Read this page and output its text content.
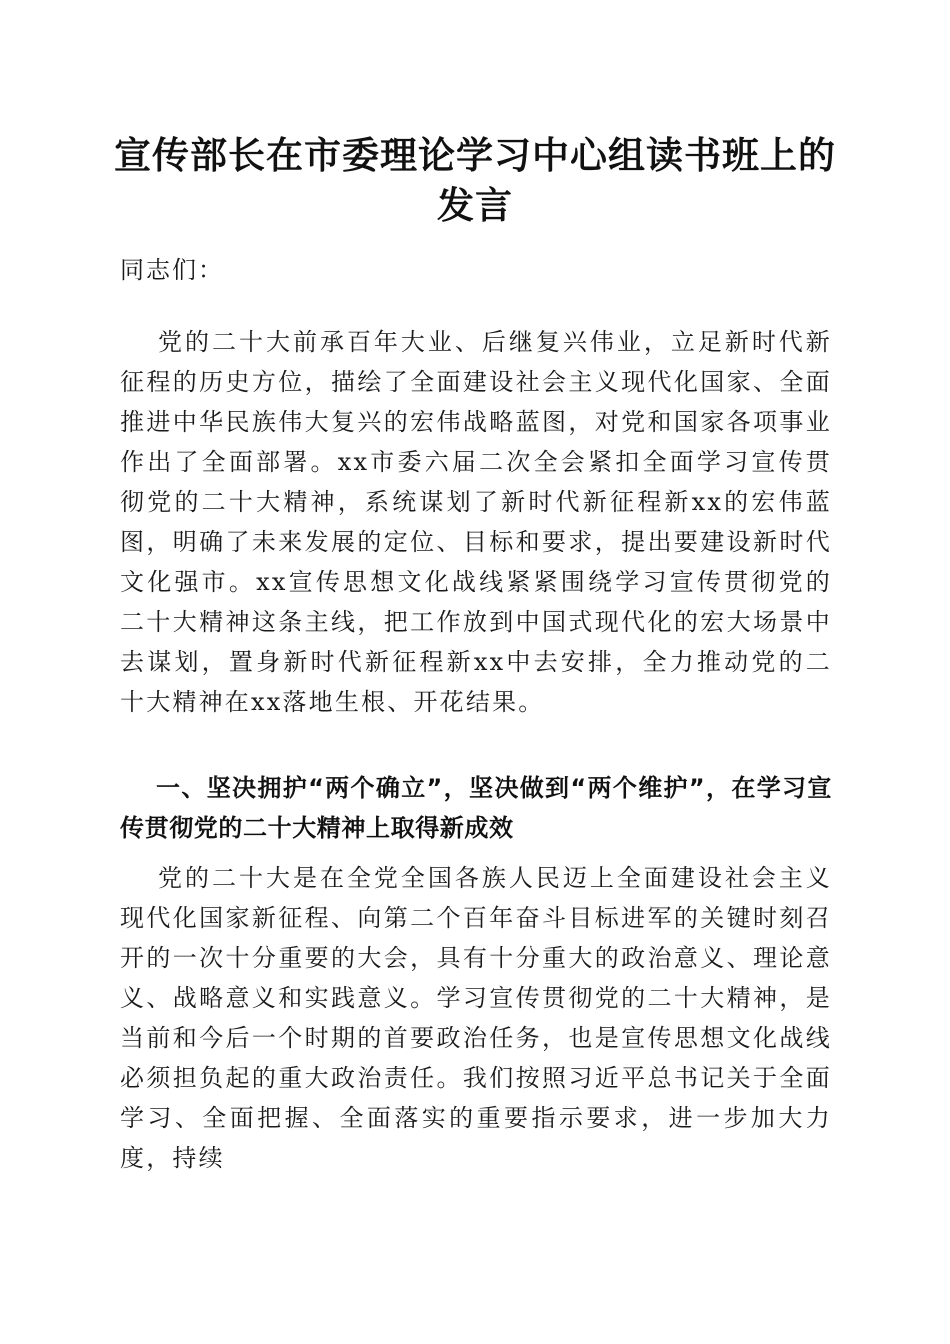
宣传部长在市委理论学习中心组读书班上的发言

同志们：

党的二十大前承百年大业、后继复兴伟业，立足新时代新征程的历史方位，描绘了全面建设社会主义现代化国家、全面推进中华民族伟大复兴的宏伟战略蓝图，对党和国家各项事业作出了全面部署。xx市委六届二次全会紧扣全面学习宣传贯彻党的二十大精神，系统谋划了新时代新征程新xx的宏伟蓝图，明确了未来发展的定位、目标和要求，提出要建设新时代文化强市。xx宣传思想文化战线紧紧围绕学习宣传贯彻党的二十大精神这条主线，把工作放到中国式现代化的宏大场景中去谋划，置身新时代新征程新xx中去安排，全力推动党的二十大精神在xx落地生根、开花结果。

一、坚决拥护“两个确立”，坚决做到“两个维护”，在学习宣传贯彻党的二十大精神上取得新成效

党的二十大是在全党全国各族人民迈上全面建设社会主义现代化国家新征程、向第二个百年奋斗目标进军的关键时刻召开的一次十分重要的大会，具有十分重大的政治意义、理论意义、战略意义和实践意义。学习宣传贯彻党的二十大精神，是当前和今后一个时期的首要政治任务，也是宣传思想文化战线必须担负起的重大政治责任。我们按照习近平总书记关于全面学习、全面把握、全面落实的重要指示要求，进一步加大力度，持续
